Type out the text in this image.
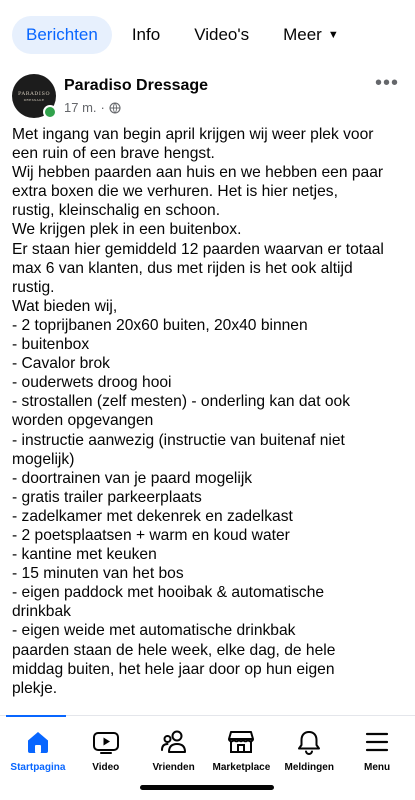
Berichten Info Video's Meer ▼
PARADISO
DRESSAGE
Paradiso Dressage
17 m. ·
•••
Met ingang van begin april krijgen wij weer plek voor
een ruin of een brave hengst.
Wij hebben paarden aan huis en we hebben een paar
extra boxen die we verhuren. Het is hier netjes,
rustig, kleinschalig en schoon.
We krijgen plek in een buitenbox.
Er staan hier gemiddeld 12 paarden waarvan er totaal
max 6 van klanten, dus met rijden is het ook altijd
rustig.
Wat bieden wij,
- 2 toprijbanen 20x60 buiten, 20x40 binnen
- buitenbox
- Cavalor brok
- ouderwets droog hooi
- strostallen (zelf mesten) - onderling kan dat ook
worden opgevangen
- instructie aanwezig (instructie van buitenaf niet
mogelijk)
- doortrainen van je paard mogelijk
- gratis trailer parkeerplaats
- zadelkamer met dekenrek en zadelkast
- 2 poetsplaatsen + warm en koud water
- kantine met keuken
- 15 minuten van het bos
- eigen paddock met hooibak & automatische
drinkbak
- eigen weide met automatische drinkbak
paarden staan de hele week, elke dag, de hele
middag buiten, het hele jaar door op hun eigen
plekje.
Startpagina	Video	Vrienden Marketplace Meldingen	Menu
